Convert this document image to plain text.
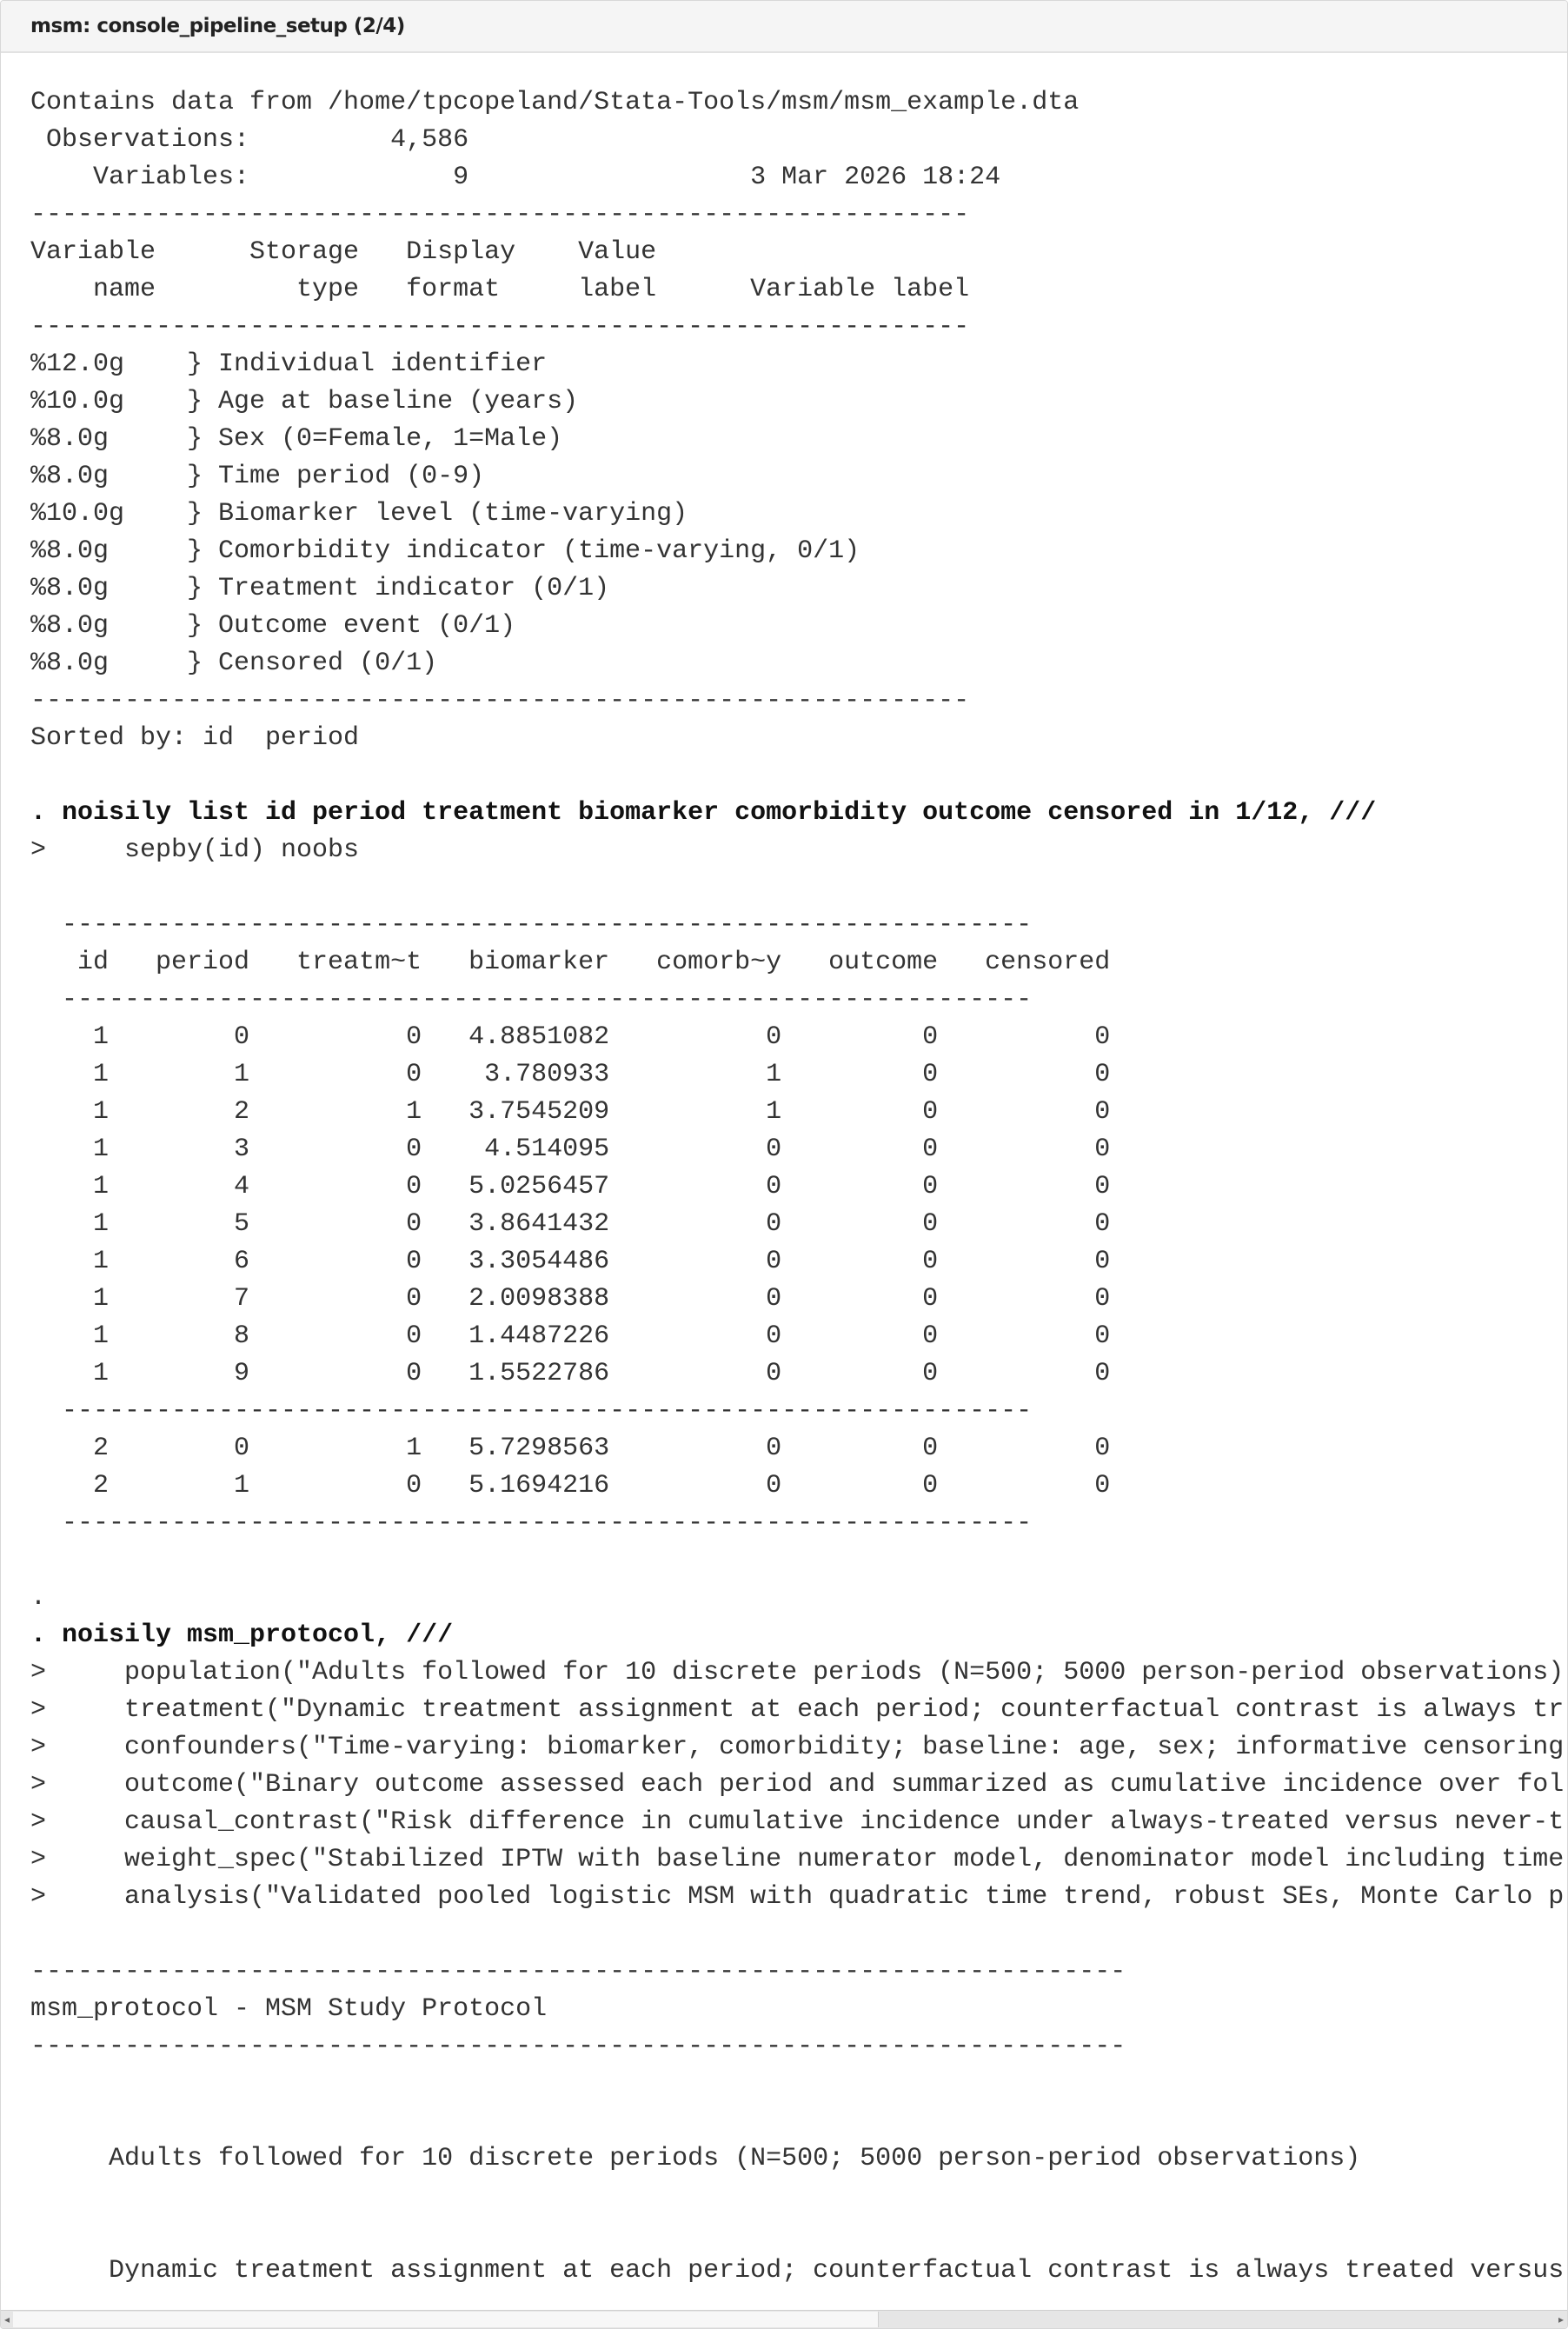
msm: console_pipeline_setup (2/4)
Contains data from /home/tpcopeland/Stata-Tools/msm/msm_example.dta
Observations:         4,586
Variables:             9                  3 Mar 2026 18:24
------------------------------------------------------------
Variable      Storage   Display    Value
name         type   format     label      Variable label
------------------------------------------------------------
%12.0g    } Individual identifier
%10.0g    } Age at baseline (years)
%8.0g     } Sex (0=Female, 1=Male)
%8.0g     } Time period (0-9)
%10.0g    } Biomarker level (time-varying)
%8.0g     } Comorbidity indicator (time-varying, 0/1)
%8.0g     } Treatment indicator (0/1)
%8.0g     } Outcome event (0/1)
%8.0g     } Censored (0/1)
------------------------------------------------------------
Sorted by: id  period
. noisily list id period treatment biomarker comorbidity outcome censored in 1/12, ///
>     sepby(id) noobs
--------------------------------------------------------------
id   period   treatm~t   biomarker   comorb~y   outcome   censored
--------------------------------------------------------------
1        0          0   4.8851082          0         0          0
1        1          0    3.780933          1         0          0
1        2          1   3.7545209          1         0          0
1        3          0    4.514095          0         0          0
1        4          0   5.0256457          0         0          0
1        5          0   3.8641432          0         0          0
1        6          0   3.3054486          0         0          0
1        7          0   2.0098388          0         0          0
1        8          0   1.4487226          0         0          0
1        9          0   1.5522786          0         0          0
--------------------------------------------------------------
2        0          1   5.7298563          0         0          0
2        1          0   5.1694216          0         0          0
--------------------------------------------------------------
.
. noisily msm_protocol, ///
>     population("Adults followed for 10 discrete periods (N=500; 5000 person-period observations)
>     treatment("Dynamic treatment assignment at each period; counterfactual contrast is always tr
>     confounders("Time-varying: biomarker, comorbidity; baseline: age, sex; informative censoring
>     outcome("Binary outcome assessed each period and summarized as cumulative incidence over fol
>     causal_contrast("Risk difference in cumulative incidence under always-treated versus never-t
>     weight_spec("Stabilized IPTW with baseline numerator model, denominator model including time
>     analysis("Validated pooled logistic MSM with quadratic time trend, robust SEs, Monte Carlo p
----------------------------------------------------------------------
msm_protocol - MSM Study Protocol
----------------------------------------------------------------------
Adults followed for 10 discrete periods (N=500; 5000 person-period observations)
Dynamic treatment assignment at each period; counterfactual contrast is always treated versus
◂	▸
